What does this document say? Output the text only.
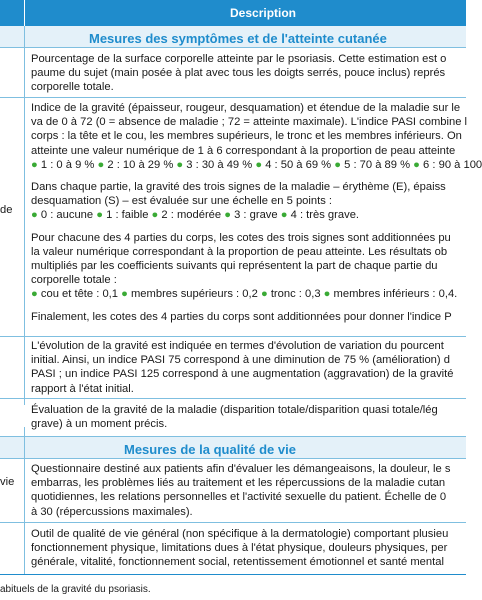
Description
Mesures des symptômes et de l'atteinte cutanée

Pourcentage de la surface corporelle atteinte par le psoriasis. Cette estimation est o

paume du sujet (main posée à plat avec tous les doigts serrés, pouce inclus) représ

corporelle totale.

Indice de la gravité (épaisseur, rougeur, desquamation) et étendue de la maladie sur le

va de 0 à 72 (0 = absence de maladie ; 72 = atteinte maximale). L'indice PASI combine l

corps : la tête et le cou, les membres supérieurs, le tronc et les membres inférieurs. On

atteinte une valeur numérique de 1 à 6 correspondant à la proportion de peau atteinte

● 1 : 0 à 9 % ● 2 : 10 à 29 % ● 3 : 30 à 49 % ● 4 : 50 à 69 % ● 5 : 70 à 89 % ● 6 : 90 à 100

Dans chaque partie, la gravité des trois signes de la maladie – érythème (E), épaiss

desquamation (S) – est évaluée sur une échelle en 5 points :

● 0 : aucune ● 1 : faible ● 2 : modérée ● 3 : grave ● 4 : très grave.

Pour chacune des 4 parties du corps, les cotes des trois signes sont additionnées pu

la valeur numérique correspondant à la proportion de peau atteinte. Les résultats ob

multipliés par les coefficients suivants qui représentent la part de chaque partie du

corporelle totale :

● cou et tête : 0,1 ● membres supérieurs : 0,2 ● tronc : 0,3 ● membres inférieurs : 0,4.

Finalement, les cotes des 4 parties du corps sont additionnées pour donner l'indice P

de

L'évolution de la gravité est indiquée en termes d'évolution de variation du pourcent

initial. Ainsi, un indice PASI 75 correspond à une diminution de 75 % (amélioration) d

PASI ; un indice PASI 125 correspond à une augmentation (aggravation) de la gravité

rapport à l'état initial.

Évaluation de la gravité de la maladie (disparition totale/disparition quasi totale/lég

grave) à un moment précis.

Mesures de la qualité de vie

Questionnaire destiné aux patients afin d'évaluer les démangeaisons, la douleur, le s

embarras, les problèmes liés au traitement et les répercussions de la maladie cutan

quotidiennes, les relations personnelles et l'activité sexuelle du patient. Échelle de 0

à 30 (répercussions maximales).

vie

Outil de qualité de vie général (non spécifique à la dermatologie) comportant plusieu

fonctionnement physique, limitations dues à l'état physique, douleurs physiques, per

générale, vitalité, fonctionnement social, retentissement émotionnel et santé mental

abituels de la gravité du psoriasis.
